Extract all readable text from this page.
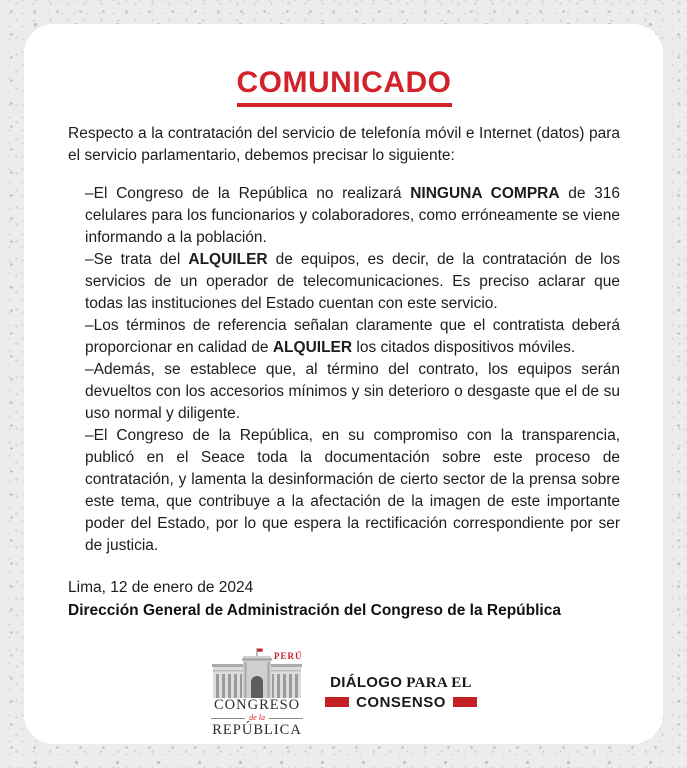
COMUNICADO

Respecto a la contratación del servicio de telefonía móvil e Internet (datos) para el servicio parlamentario, debemos precisar lo siguiente:

–El Congreso de la República no realizará NINGUNA COMPRA de 316 celulares para los funcionarios y colaboradores, como erróneamente se viene informando a la población.

–Se trata del ALQUILER de equipos, es decir, de la contratación de los servicios de un operador de telecomunicaciones. Es preciso aclarar que todas las instituciones del Estado cuentan con este servicio.

–Los términos de referencia señalan claramente que el contratista deberá proporcionar en calidad de ALQUILER los citados dispositivos móviles.

–Además, se establece que, al término del contrato, los equipos serán devueltos con los accesorios mínimos y sin deterioro o desgaste que el de su uso normal y diligente.

–El Congreso de la República, en su compromiso con la transparencia, publicó en el Seace toda la documentación sobre este proceso de contratación, y lamenta la desinformación de cierto sector de la prensa sobre este tema, que contribuye a la afectación de la imagen de este importante poder del Estado, por lo que espera la rectificación correspondiente por ser de justicia.

Lima, 12 de enero de 2024

Dirección General de Administración del Congreso de la República

PERÚ
CONGRESO
de la
REPÚBLICA
DIÁLOGO PARA EL
CONSENSO
